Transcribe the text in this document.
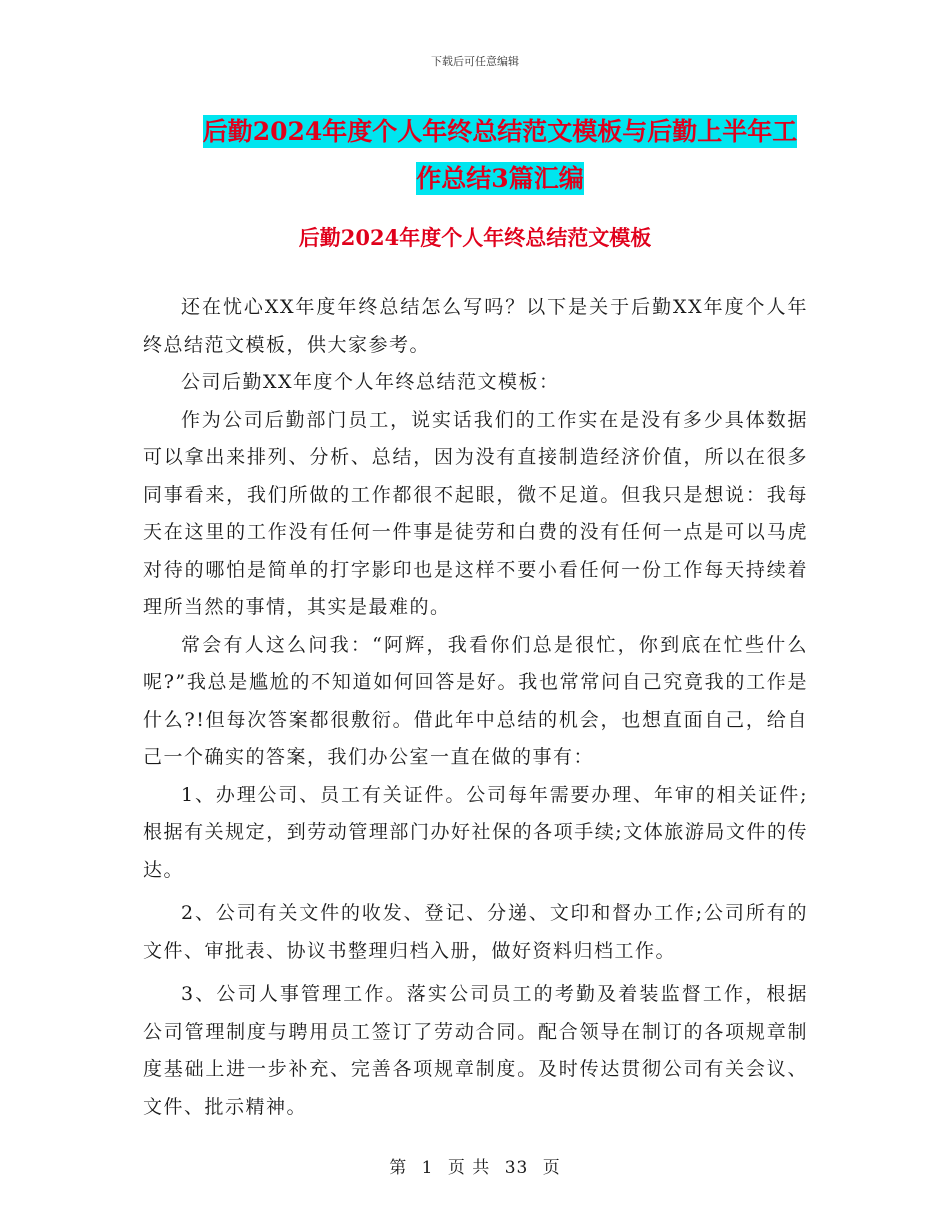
下载后可任意编辑
后勤2024年度个人年终总结范文模板与后勤上半年工
作总结3篇汇编
后勤2024年度个人年终总结范文模板

还在忧心XX年度年终总结怎么写吗？以下是关于后勤XX年度个人年终总结范文模板，供大家参考。

公司后勤XX年度个人年终总结范文模板：

作为公司后勤部门员工，说实话我们的工作实在是没有多少具体数据可以拿出来排列、分析、总结，因为没有直接制造经济价值，所以在很多同事看来，我们所做的工作都很不起眼，微不足道。但我只是想说：我每天在这里的工作没有任何一件事是徒劳和白费的没有任何一点是可以马虎对待的哪怕是简单的打字影印也是这样不要小看任何一份工作每天持续着理所当然的事情，其实是最难的。

常会有人这么问我：“阿辉，我看你们总是很忙，你到底在忙些什么呢?”我总是尴尬的不知道如何回答是好。我也常常问自己究竟我的工作是什么?!但每次答案都很敷衍。借此年中总结的机会，也想直面自己，给自己一个确实的答案，我们办公室一直在做的事有：

1、办理公司、员工有关证件。公司每年需要办理、年审的相关证件;根据有关规定，到劳动管理部门办好社保的各项手续;文体旅游局文件的传达。

2、公司有关文件的收发、登记、分递、文印和督办工作;公司所有的文件、审批表、协议书整理归档入册，做好资料归档工作。

3、公司人事管理工作。落实公司员工的考勤及着装监督工作，根据公司管理制度与聘用员工签订了劳动合同。配合领导在制订的各项规章制度基础上进一步补充、完善各项规章制度。及时传达贯彻公司有关会议、文件、批示精神。

第 1 页 共 33 页
